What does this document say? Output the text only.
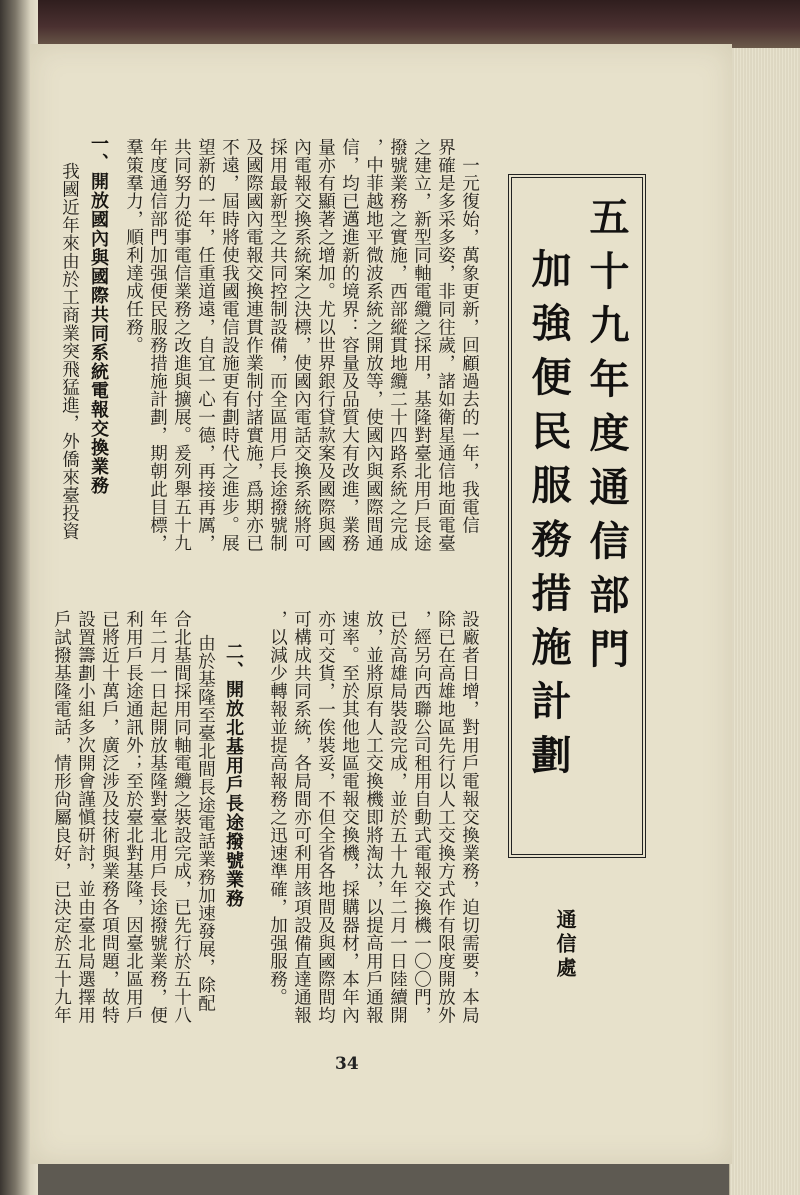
五十九年度通信部門
加強便民服務措施計劃
一元復始，萬象更新，回顧過去的一年，我電信
界確是多采多姿，非同往歲，諸如衛星通信地面電臺
之建立，新型同軸電纜之採用，基隆對臺北用戶長途
撥號業務之實施，西部縱貫地纜二十四路系統之完成
，中菲越地平微波系統之開放等，使國內與國際間通
信，均已邁進新的境界：容量及品質大有改進，業務
量亦有顯著之增加。尤以世界銀行貸款案及國際與國
內電報交換系統案之決標，使國內電話交換系統將可
採用最新型之共同控制設備，而全區用戶長途撥號制
及國際國內電報交換連貫作業制付諸實施，爲期亦已
不遠，屆時將使我國電信設施更有劃時代之進步。展
望新的一年，任重道遠，自宜一心一德，再接再厲，
共同努力從事電信業務之改進與擴展。爰列舉五十九
年度通信部門加强便民服務措施計劃，期朝此目標，
羣策羣力，順利達成任務。
一、開放國內與國際共同系統電報交換業務
我國近年來由於工商業突飛猛進，外僑來臺投資
設廠者日增，對用戶電報交換業務，迫切需要，本局
除已在高雄地區先行以人工交換方式作有限度開放外
，經另向西聯公司租用自動式電報交換機一〇〇門，
已於高雄局裝設完成，並於五十九年二月一日陸續開
放，並將原有人工交換機即將淘汰，以提高用戶通報
速率。至於其他地區電報交換機，採購器材，本年內
亦可交貨，一俟裝妥，不但全省各地間及與國際間均
可構成共同系統，各局間亦可利用該項設備直達通報
，以減少轉報並提高報務之迅速準確，加强服務。
二、開放北基用戶長途撥號業務
由於基隆至臺北間長途電話業務加速發展，除配
合北基間採用同軸電纜之裝設完成，已先行於五十八
年二月一日起開放基隆對臺北用戶長途撥號業務，便
利用戶長途通訊外；至於臺北對基隆，因臺北區用戶
已將近十萬戶，廣泛涉及技術與業務各項問題，故特
設置籌劃小組多次開會謹愼研討，並由臺北局選擇用
戶試撥基隆電話，情形尙屬良好，已決定於五十九年	通信處
34
